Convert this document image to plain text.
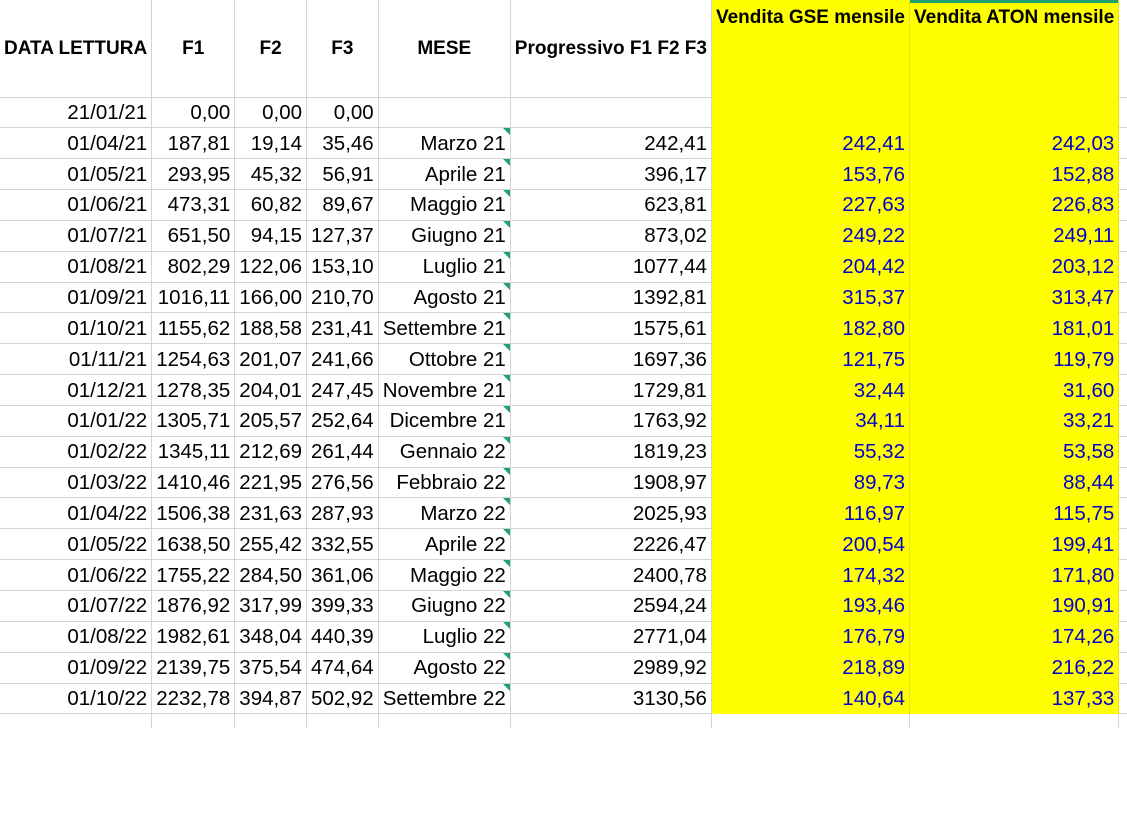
DATA LETTURA	F1	F2	F3	MESE	Progressivo F1 F2 F3	Vendita GSE mensile	Vendita ATON mensile	
21/01/21	0,00	0,00	0,00					
01/04/21	187,81	19,14	35,46	Marzo 21	242,41	242,41	242,03	
01/05/21	293,95	45,32	56,91	Aprile 21	396,17	153,76	152,88	
01/06/21	473,31	60,82	89,67	Maggio 21	623,81	227,63	226,83	
01/07/21	651,50	94,15	127,37	Giugno 21	873,02	249,22	249,11	
01/08/21	802,29	122,06	153,10	Luglio 21	1077,44	204,42	203,12	
01/09/21	1016,11	166,00	210,70	Agosto 21	1392,81	315,37	313,47	
01/10/21	1155,62	188,58	231,41	Settembre 21	1575,61	182,80	181,01	
01/11/21	1254,63	201,07	241,66	Ottobre 21	1697,36	121,75	119,79	
01/12/21	1278,35	204,01	247,45	Novembre 21	1729,81	32,44	31,60	
01/01/22	1305,71	205,57	252,64	Dicembre 21	1763,92	34,11	33,21	
01/02/22	1345,11	212,69	261,44	Gennaio 22	1819,23	55,32	53,58	
01/03/22	1410,46	221,95	276,56	Febbraio 22	1908,97	89,73	88,44	
01/04/22	1506,38	231,63	287,93	Marzo 22	2025,93	116,97	115,75	
01/05/22	1638,50	255,42	332,55	Aprile 22	2226,47	200,54	199,41	
01/06/22	1755,22	284,50	361,06	Maggio 22	2400,78	174,32	171,80	
01/07/22	1876,92	317,99	399,33	Giugno 22	2594,24	193,46	190,91	
01/08/22	1982,61	348,04	440,39	Luglio 22	2771,04	176,79	174,26	
01/09/22	2139,75	375,54	474,64	Agosto 22	2989,92	218,89	216,22	
01/10/22	2232,78	394,87	502,92	Settembre 22	3130,56	140,64	137,33	
